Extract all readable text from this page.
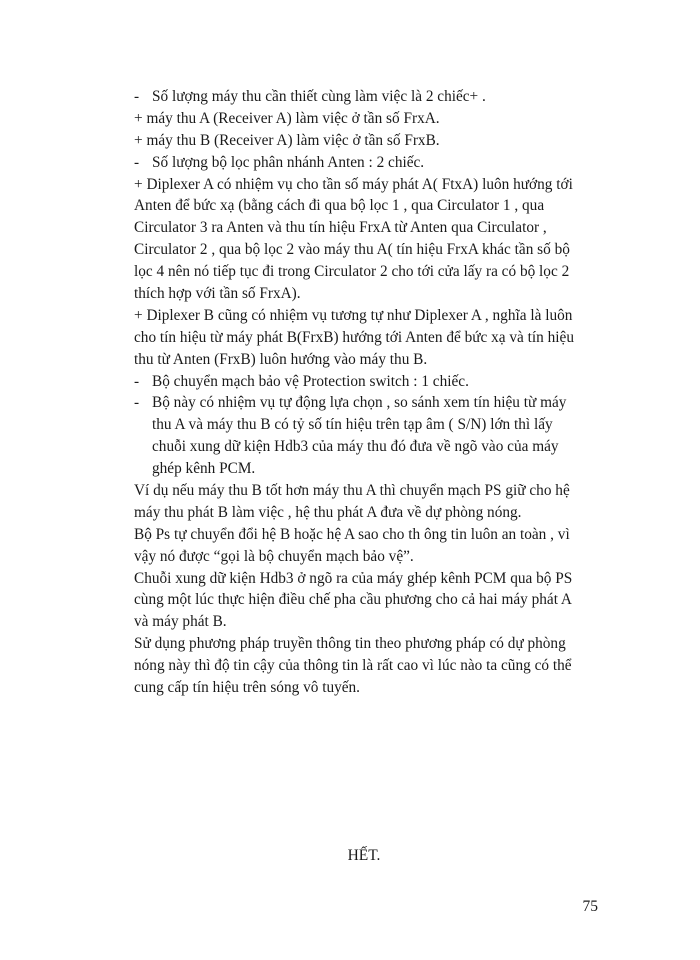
- Số lượng máy thu cần thiết cùng làm việc là 2 chiếc+ .
+ máy thu A (Receiver A) làm việc ở tần số FrxA.
+ máy thu B (Receiver A) làm việc ở tần số FrxB.
- Số lượng bộ lọc phân nhánh Anten : 2 chiếc.
+ Diplexer A có nhiệm vụ cho tần số máy phát A( FtxA) luôn hướng tới
Anten để bức xạ (bằng cách đi qua bộ lọc 1 , qua Circulator 1 , qua
Circulator 3 ra Anten và thu tín hiệu FrxA từ Anten qua Circulator ,
Circulator 2 , qua bộ lọc 2 vào máy thu A( tín hiệu FrxA khác tần số bộ
lọc 4 nên nó tiếp tục đi trong Circulator 2 cho tới cửa lấy ra có bộ lọc 2
thích hợp với tần số FrxA).
+ Diplexer B cũng có nhiệm vụ tương tự như Diplexer A , nghĩa là luôn
cho tín hiệu từ máy phát B(FrxB) hướng tới Anten để bức xạ và tín hiệu
thu từ Anten (FrxB) luôn hướng vào máy thu B.
- Bộ chuyển mạch bảo vệ Protection switch : 1 chiếc.
- Bộ này có nhiệm vụ tự động lựa chọn , so sánh xem tín hiệu từ máy
thu A và máy thu B có tỷ số tín hiệu trên tạp âm ( S/N) lớn thì lấy
chuỗi xung dữ kiện Hdb3 của máy thu đó đưa về ngõ vào của máy
ghép kênh PCM.
Ví dụ nếu máy thu B tốt hơn máy thu A thì chuyển mạch PS giữ cho hệ
máy thu phát B làm việc , hệ thu phát A đưa về dự phòng nóng.
Bộ Ps tự chuyển đổi hệ B hoặc hệ A sao cho th ông tin luôn an toàn , vì
vậy nó được “gọi là bộ chuyển mạch bảo vệ”.
Chuỗi xung dữ kiện Hdb3 ở ngõ ra của máy ghép kênh PCM qua bộ PS
cùng một lúc thực hiện điều chế pha cầu phương cho cả hai máy phát A
và máy phát B.
Sử dụng phương pháp truyền thông tin theo phương pháp có dự phòng
nóng này thì độ tin cậy của thông tin là rất cao vì lúc nào ta cũng có thể
cung cấp tín hiệu trên sóng vô tuyến.
HẾT.
75
